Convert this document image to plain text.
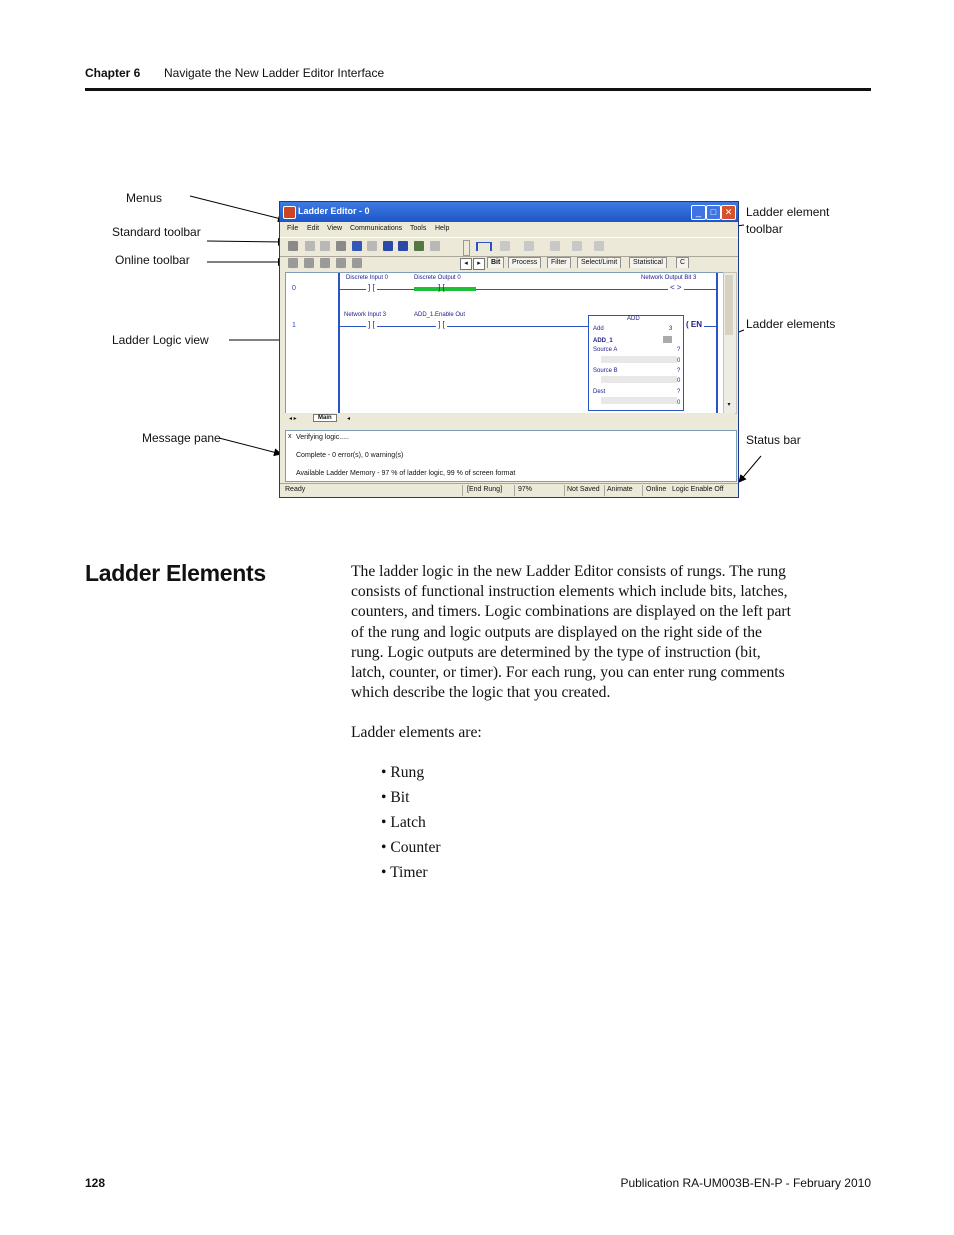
Chapter 6 Navigate the New Ladder Editor Interface
Menus
Standard toolbar
Online toolbar
Ladder Logic view
Message pane
Ladder element
toolbar
Ladder elements
Status bar
Ladder Editor - 0	_	□ ✕
File Edit View Communications Tools Help
◂	▸	Bit	Process	Filter	Select/Limit	Statistical	C
0
1
Discrete Input 0	Discrete Output 0	Network Output Bit 3
] [	] [	< >
Network Input 3	ADD_1.Enable Out
] [	] [	( EN
ADD
Add	3
ADD_1
Source A	?
0
Source B	?
0
Dest	?
0	▾
◂ ▸	Main	◂
x Verifying logic.....
Complete - 0 error(s), 0 warning(s)
Available Ladder Memory - 97 % of ladder logic, 99 % of screen format
Ready	[End Rung] 97%	Not Saved Animate Online Logic Enable Off
Ladder Elements	The ladder logic in the new Ladder Editor consists of rungs. The rung
consists of functional instruction elements which include bits, latches,
counters, and timers. Logic combinations are displayed on the left part
of the rung and logic outputs are displayed on the right side of the
rung. Logic outputs are determined by the type of instruction (bit,
latch, counter, or timer). For each rung, you can enter rung comments
which describe the logic that you created.
Ladder elements are:
• Rung
• Bit
• Latch
• Counter
• Timer
128	Publication RA-UM003B-EN-P - February 2010
